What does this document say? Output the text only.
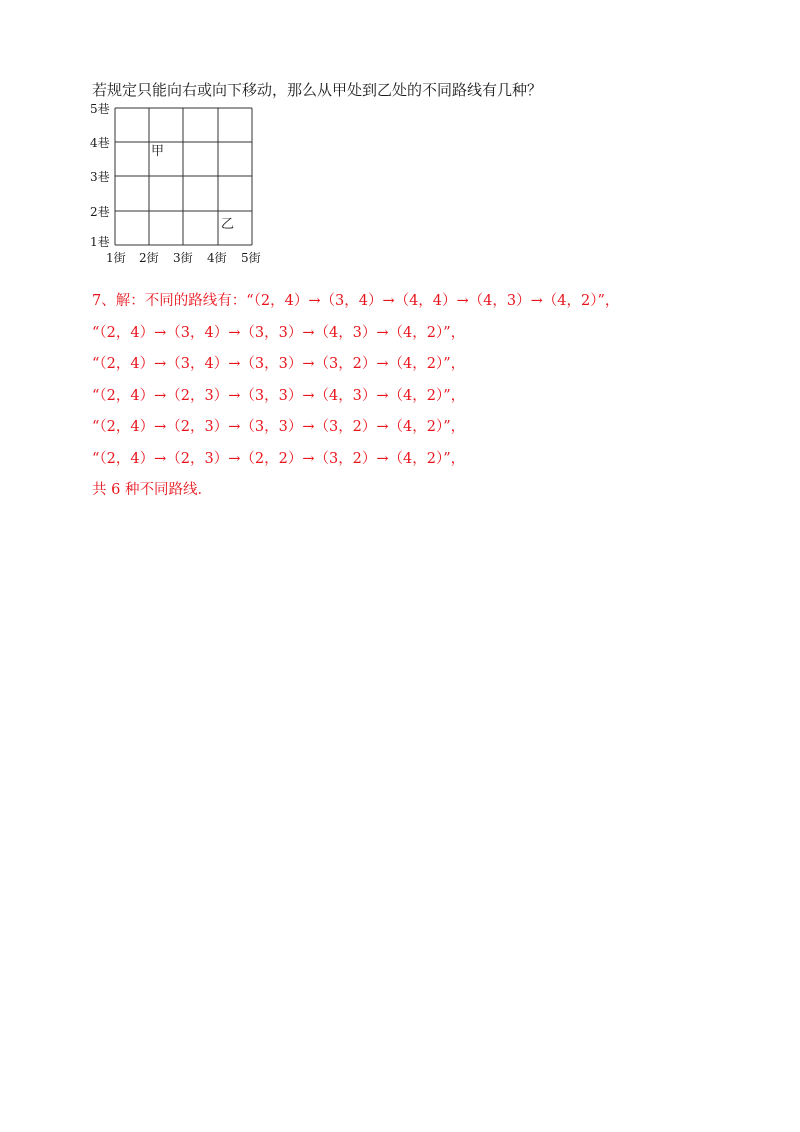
若规定只能向右或向下移动，那么从甲处到乙处的不同路线有几种？
5巷
4巷
3巷
2巷
1巷
1街 2街 3街 4街 5街
甲
乙
7、解：不同的路线有：“（2，4）→（3，4）→（4，4）→（4，3）→（4，2）”，
“（2，4）→（3，4）→（3，3）→（4，3）→（4，2）”，
“（2，4）→（3，4）→（3，3）→（3，2）→（4，2）”，
“（2，4）→（2，3）→（3，3）→（4，3）→（4，2）”，
“（2，4）→（2，3）→（3，3）→（3，2）→（4，2）”，
“（2，4）→（2，3）→（2，2）→（3，2）→（4，2）”，
共 6 种不同路线．
